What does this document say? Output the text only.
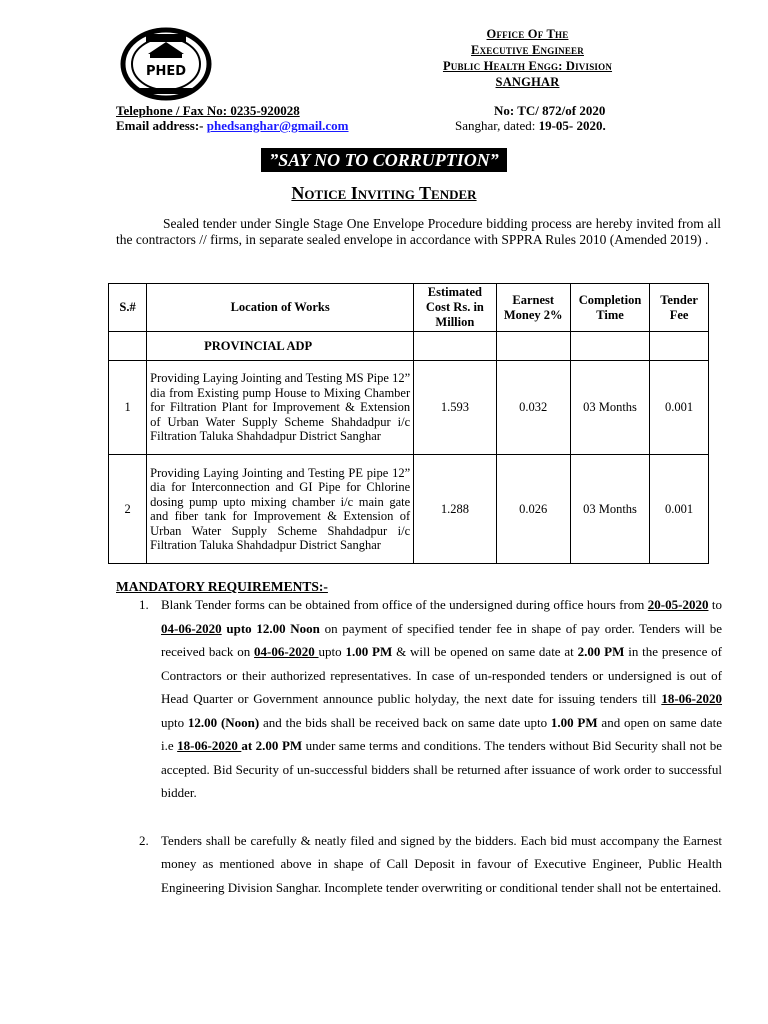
PHED
Office Of The
Executive Engineer
Public Health Engg: Division
SANGHAR
Telephone / Fax No: 0235-920028
Email address:- phedsanghar@gmail.com
No: TC/ 872/of 2020
Sanghar, dated: 19-05- 2020.
”SAY NO TO CORRUPTION”
Notice Inviting Tender
Sealed tender under Single Stage One Envelope Procedure bidding process are hereby invited from all the contractors // firms, in separate sealed envelope in accordance with SPPRA Rules 2010 (Amended 2019) .
S.#	Location of Works	Estimated Cost Rs. in Million	Earnest Money 2%	Completion Time	Tender Fee
	PROVINCIAL ADP				
1	Providing Laying Jointing and Testing MS Pipe 12” dia from Existing pump House to Mixing Chamber for Filtration Plant for Improvement & Extension of Urban Water Supply Scheme Shahdadpur i/c Filtration Taluka Shahdadpur District Sanghar	1.593	0.032	03 Months	0.001
2	Providing Laying Jointing and Testing PE pipe 12” dia for Interconnection and GI Pipe for Chlorine dosing pump upto mixing chamber i/c main gate and fiber tank for Improvement & Extension of Urban Water Supply Scheme Shahdadpur i/c Filtration Taluka Shahdadpur District Sanghar	1.288	0.026	03 Months	0.001
MANDATORY REQUIREMENTS:-
1. Blank Tender forms can be obtained from office of the undersigned during office hours from 20-05-2020 to 04-06-2020 upto 12.00 Noon on payment of specified tender fee in shape of pay order. Tenders will be received back on 04-06-2020 upto 1.00 PM & will be opened on same date at 2.00 PM in the presence of Contractors or their authorized representatives. In case of un-responded tenders or undersigned is out of Head Quarter or Government announce public holyday, the next date for issuing tenders till 18-06-2020 upto 12.00 (Noon) and the bids shall be received back on same date upto 1.00 PM and open on same date i.e 18-06-2020 at 2.00 PM under same terms and conditions. The tenders without Bid Security shall not be accepted. Bid Security of un-successful bidders shall be returned after issuance of work order to successful bidder.
2. Tenders shall be carefully & neatly filed and signed by the bidders. Each bid must accompany the Earnest money as mentioned above in shape of Call Deposit in favour of Executive Engineer, Public Health Engineering Division Sanghar. Incomplete tender overwriting or conditional tender shall not be entertained.
